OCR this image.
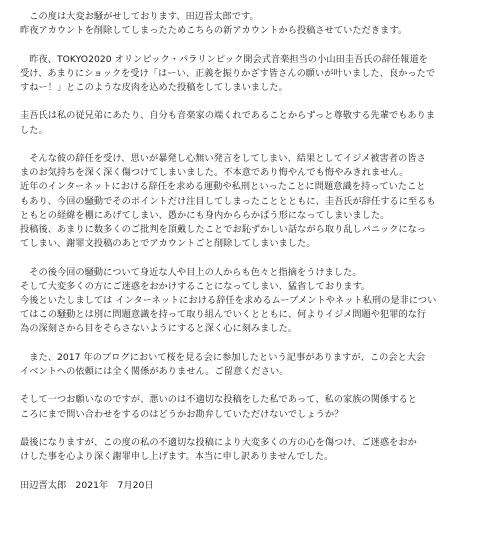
　この度は大変お騒がせしております、田辺晋太郎です。
昨夜アカウントを削除してしまったためこちらの新アカウントから投稿させていただきます。
　昨夜、TOKYO2020 オリンピック・パラリンピック開会式音楽担当の小山田圭吾氏の辞任報道を
受け、あまりにショックを受け「はーい、正義を振りかざす皆さんの願いが叶いました、良かったで
すねー！」とこのような皮肉を込めた投稿をしてしまいました。
圭吾氏は私の従兄弟にあたり、自分も音楽家の端くれであることからずっと尊敬する先輩でもありま
した。
　そんな彼の辞任を受け、思いが暴発し心無い発言をしてしまい、結果としてイジメ被害者の皆さ
まのお気持ちを深く深く傷つけてしまいました。不本意であり悔やんでも悔やみきれません。
近年のインターネットにおける辞任を求める運動や私刑といったことに問題意識を持っていたこと
もあり、今回の騒動でそのポイントだけ注目してしまったこととともに、圭吾氏が辞任するに至るも
ともとの経緯を棚にあげてしまい、愚かにも身内かららかばう形になってしまいました。
投稿後、あまりに数多くのご批判を頂戴したことでお恥ずかしい話ながら取り乱しパニックになっ
てしまい、謝罪文投稿のあとでアカウントごと削除してしまいました。
　その後今回の騒動について身近な人や目上の人からも色々と指摘をうけました。
そして大変多くの方にご迷惑をおかけすることになってしまい、猛省しております。
今後といたしましては インターネットにおける辞任を求めるムーブメントやネット私刑の是非につい
てはこの騒動とは別に問題意識を持って取り組んでいくとともに、何よりイジメ問題や犯罪的な行
為の深刻さから目をそらさないようにすると深く心に刻みました。
　また、2017 年のブログにおいて桜を見る会に参加したという記事がありますが、この会と大会
イベントへの依頼には全く関係がありません。ご留意ください。
そして一つお願いなのですが、悪いのは不適切な投稿をした私であって、私の家族の関係すると
ころにまで問い合わせをするのはどうかお勘弁していただけないでしょうか？
最後になりますが、この度の私の不適切な投稿により大変多くの方の心を傷つけ、ご迷惑をおか
けした事を心より深く謝罪申し上げます。本当に申し訳ありませんでした。
田辺晋太郎　2021年　7月20日
